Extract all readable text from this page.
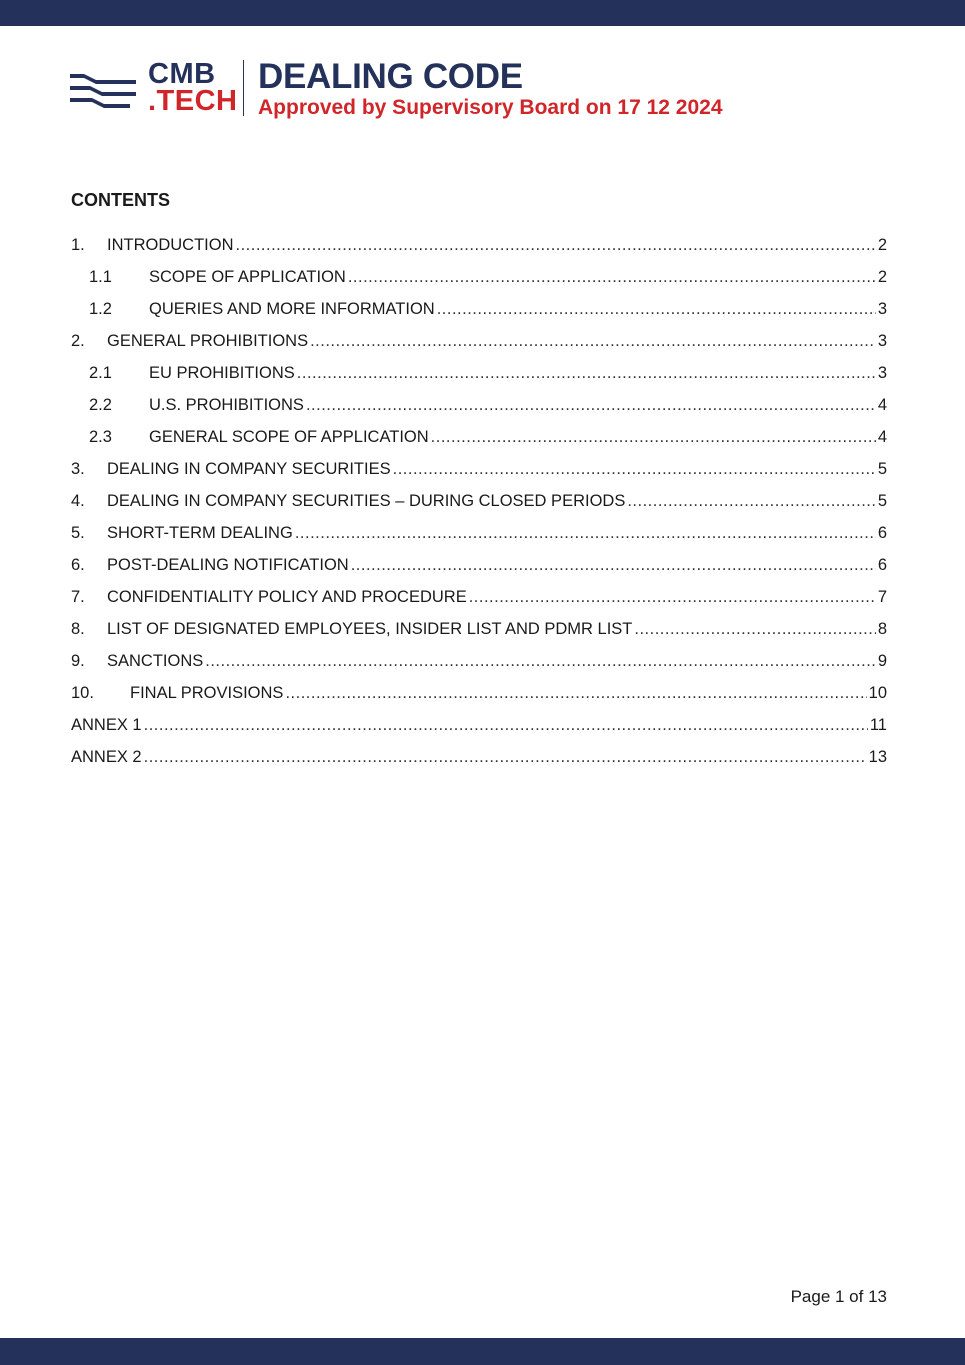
CMB
.TECH
DEALING CODE
Approved by Supervisory Board on 17 12 2024
CONTENTS
1.	INTRODUCTION .....	2
1.1	SCOPE OF APPLICATION .....	2
1.2	QUERIES AND MORE INFORMATION .....	3
2.	GENERAL PROHIBITIONS .....	3
2.1	EU PROHIBITIONS .....	3
2.2	U.S. PROHIBITIONS .....	4
2.3	GENERAL SCOPE OF APPLICATION .....	4
3.	DEALING IN COMPANY SECURITIES .....	5
4.	DEALING IN COMPANY SECURITIES – DURING CLOSED PERIODS .....	5
5.	SHORT-TERM DEALING .....	6
6.	POST-DEALING NOTIFICATION .....	6
7.	CONFIDENTIALITY POLICY AND PROCEDURE .....	7
8.	LIST OF DESIGNATED EMPLOYEES, INSIDER LIST AND PDMR LIST .....	8
9.	SANCTIONS .....	9
10.	FINAL PROVISIONS .....	10
ANNEX 1 .....	11
ANNEX 2 .....	13
Page 1 of 13
